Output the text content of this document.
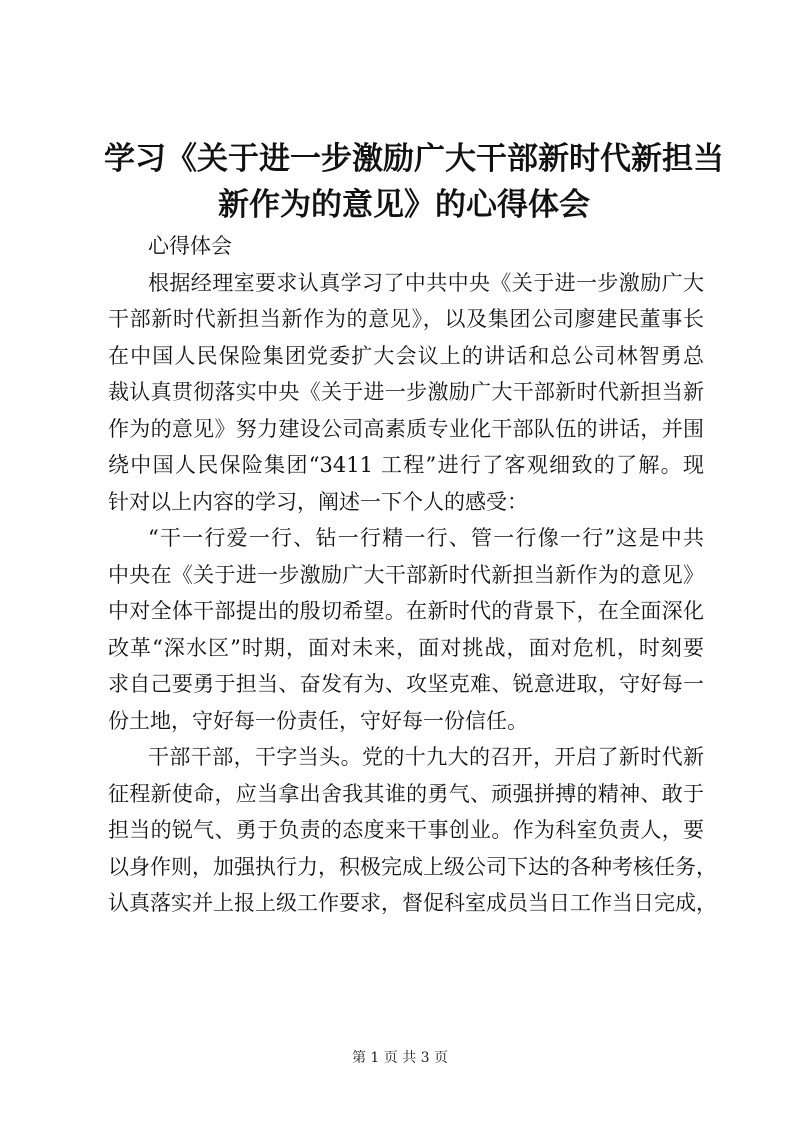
学习《关于进一步激励广大干部新时代新担当
新作为的意见》的心得体会
心得体会
根据经理室要求认真学习了中共中央《关于进一步激励广大
干部新时代新担当新作为的意见》，以及集团公司廖建民董事长
在中国人民保险集团党委扩大会议上的讲话和总公司林智勇总
裁认真贯彻落实中央《关于进一步激励广大干部新时代新担当新
作为的意见》努力建设公司高素质专业化干部队伍的讲话，并围
绕中国人民保险集团“3411 工程”进行了客观细致的了解。现
针对以上内容的学习，阐述一下个人的感受：
“干一行爱一行、钻一行精一行、管一行像一行”这是中共
中央在《关于进一步激励广大干部新时代新担当新作为的意见》
中对全体干部提出的殷切希望。在新时代的背景下，在全面深化
改革“深水区”时期，面对未来，面对挑战，面对危机，时刻要
求自己要勇于担当、奋发有为、攻坚克难、锐意进取，守好每一
份土地，守好每一份责任，守好每一份信任。
干部干部，干字当头。党的十九大的召开，开启了新时代新
征程新使命，应当拿出舍我其谁的勇气、顽强拼搏的精神、敢于
担当的锐气、勇于负责的态度来干事创业。作为科室负责人，要
以身作则，加强执行力，积极完成上级公司下达的各种考核任务，
认真落实并上报上级工作要求，督促科室成员当日工作当日完成，
第 1 页 共 3 页
